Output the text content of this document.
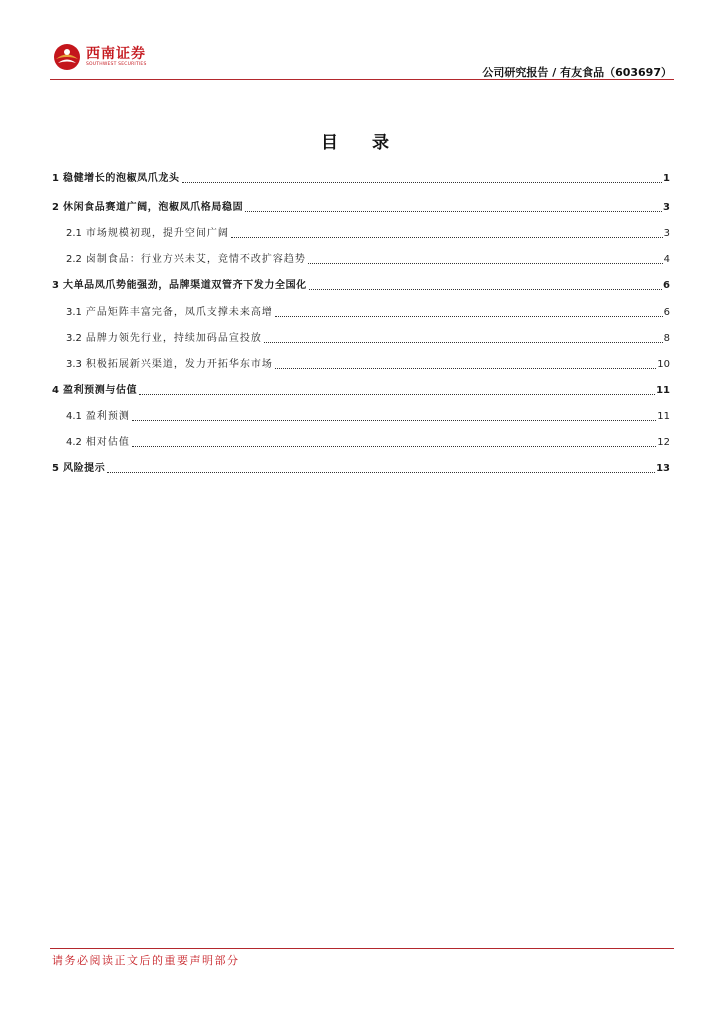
西南证券
SOUTHWEST SECURITIES
公司研究报告 / 有友食品（603697）
目 录
1 稳健增长的泡椒凤爪龙头	1
2 休闲食品赛道广阔，泡椒凤爪格局稳固	3
2.1 市场规模初现，提升空间广阔	3
2.2 卤制食品：行业方兴未艾，竞情不改扩容趋势	4
3 大单品凤爪势能强劲，品牌渠道双管齐下发力全国化	6
3.1 产品矩阵丰富完备，凤爪支撑未来高增	6
3.2 品牌力领先行业，持续加码品宣投放	8
3.3 积极拓展新兴渠道，发力开拓华东市场	10
4 盈利预测与估值	11
4.1 盈利预测	11
4.2 相对估值	12
5 风险提示	13
请务必阅读正文后的重要声明部分
